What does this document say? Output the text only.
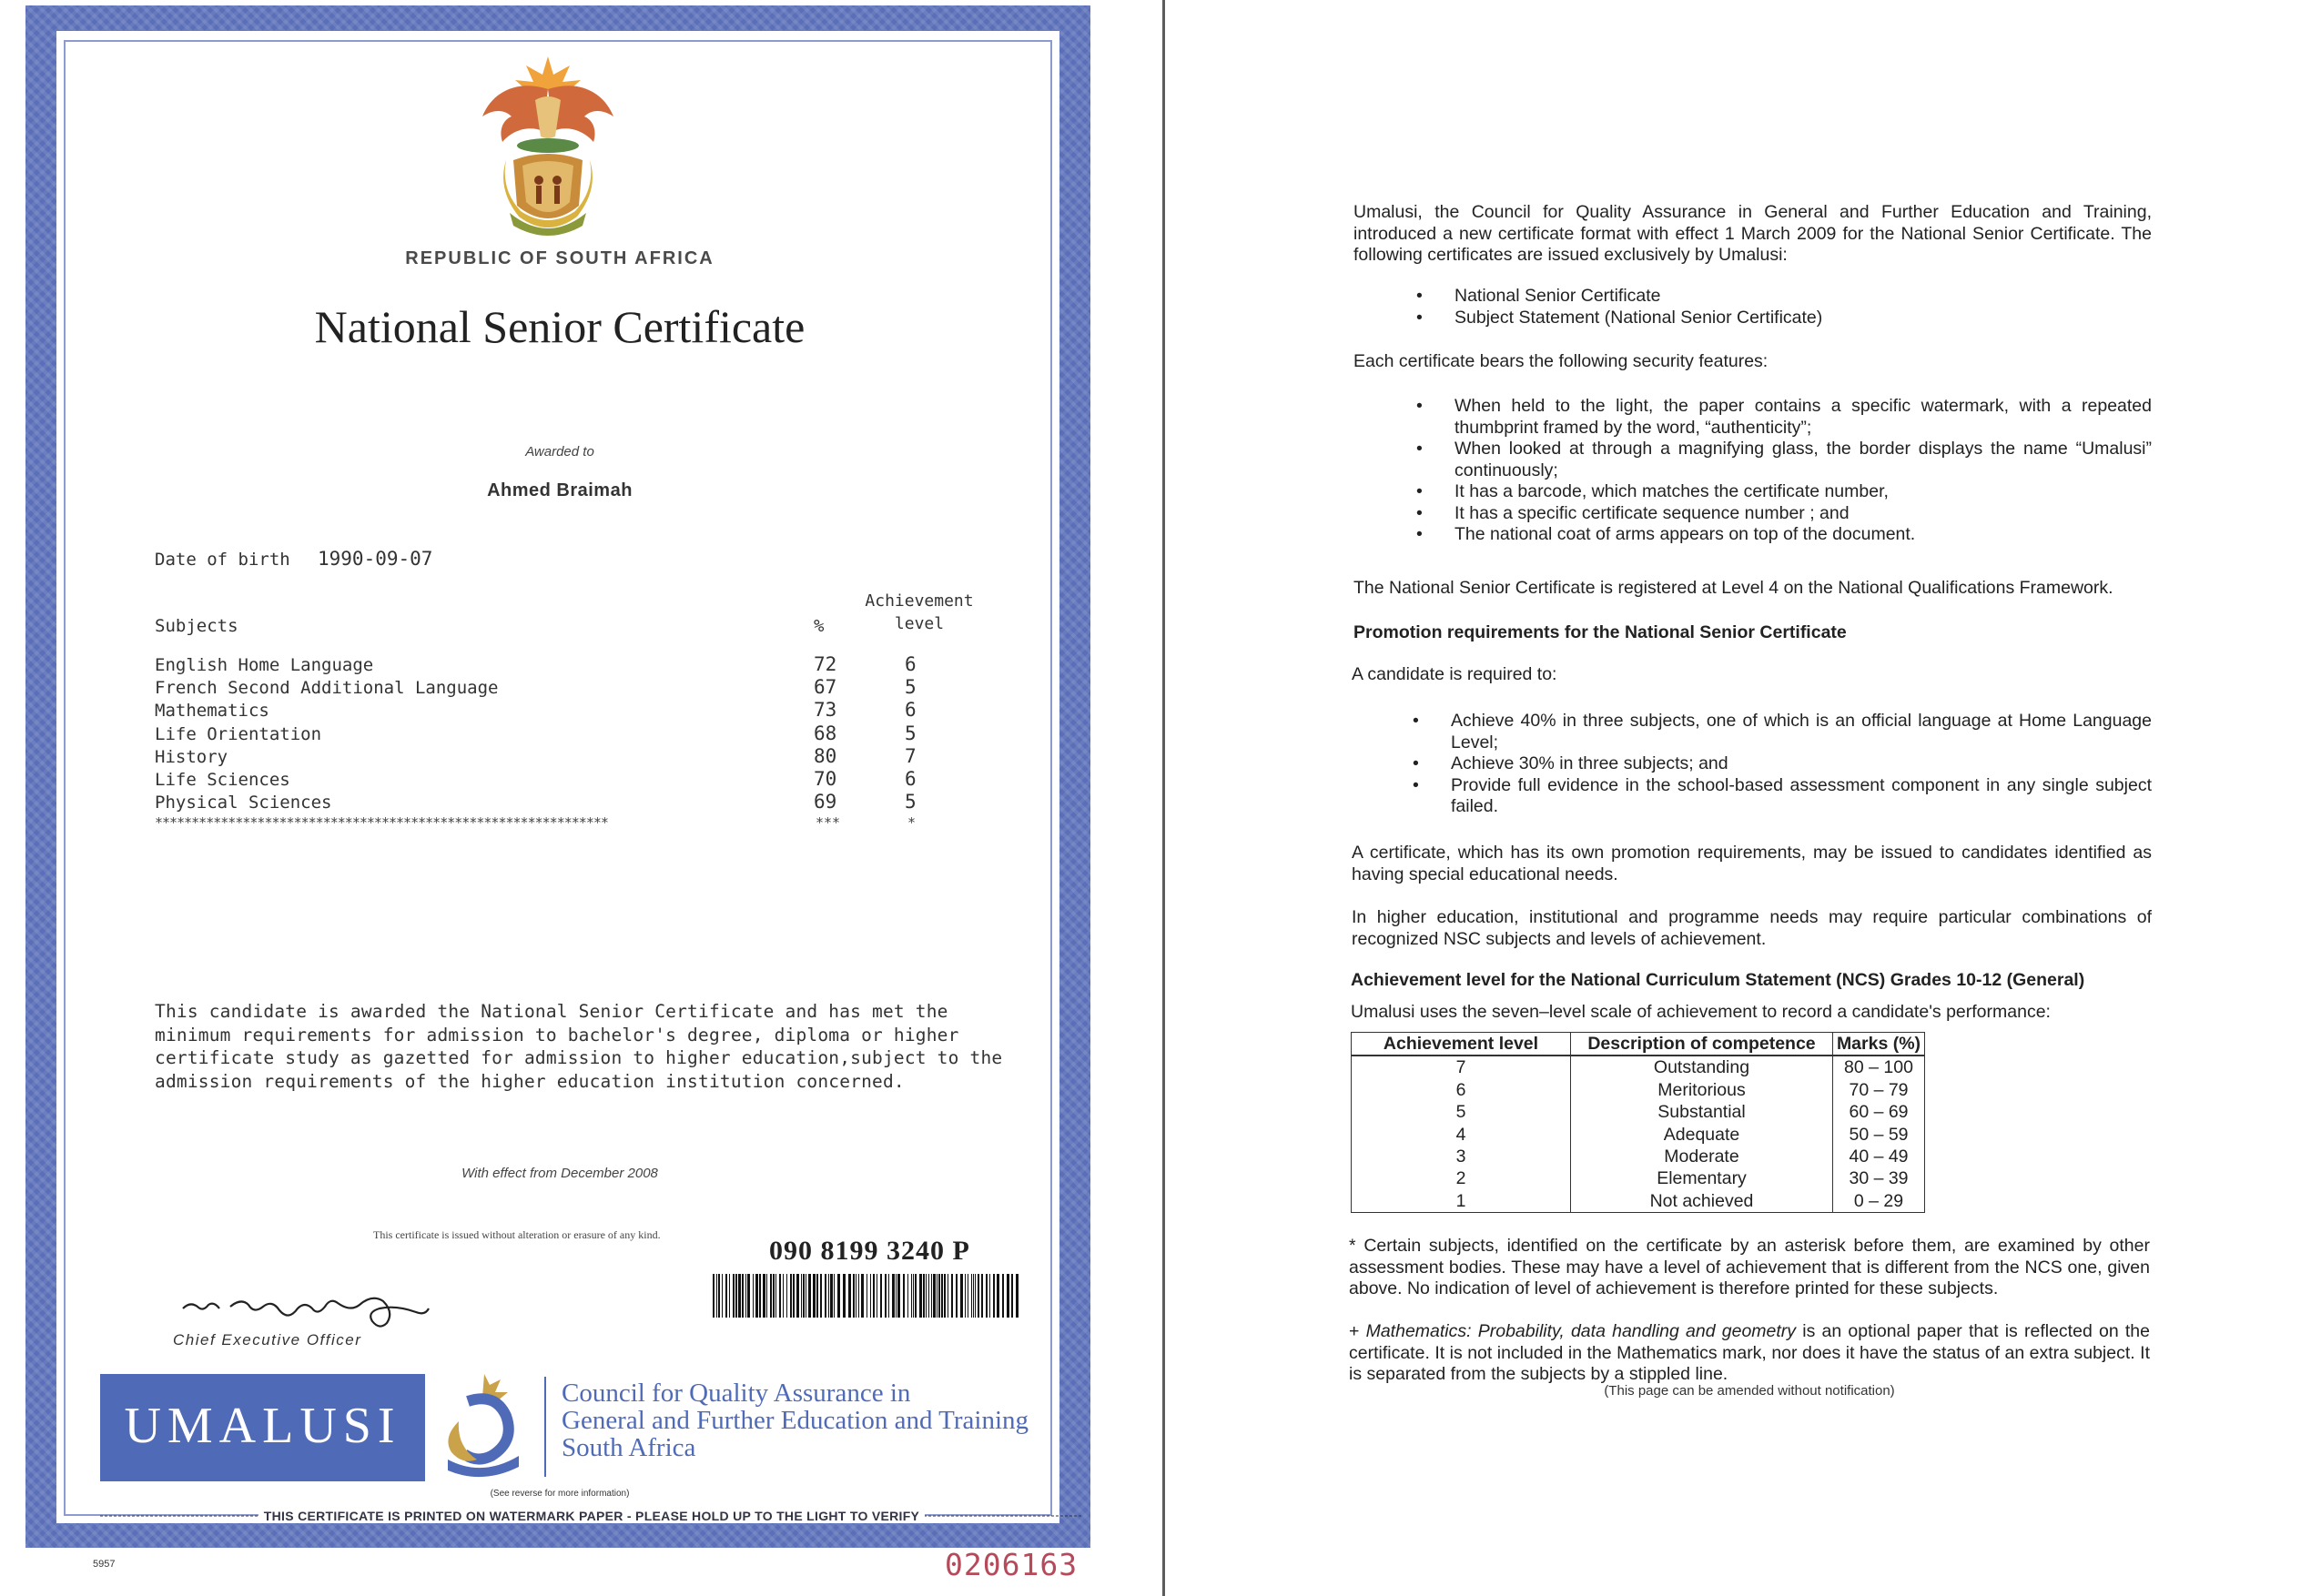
REPUBLIC OF SOUTH AFRICA
National Senior Certificate
Awarded to
Ahmed Braimah
Date of birth 1990-09-07
Subjects	%
Achievement level
English Home Language	72	6
French Second Additional Language	67	5
Mathematics	73	6
Life Orientation	68	5
History	80	7
Life Sciences	70	6
Physical Sciences	69	5
**************************************************************	***	*
This candidate is awarded the National Senior Certificate and has met the minimum requirements for admission to bachelor's degree, diploma or higher certificate study as gazetted for admission to higher education,subject to the admission requirements of the higher education institution concerned.
With effect from December 2008
This certificate is issued without alteration or erasure of any kind.
090 8199 3240 P
Chief Executive Officer
UMALUSI
Council for Quality Assurance in
General and Further Education and Training
South Africa
(See reverse for more information)
THIS CERTIFICATE IS PRINTED ON WATERMARK PAPER - PLEASE HOLD UP TO THE LIGHT TO VERIFY
5957	0206163
Umalusi, the Council for Quality Assurance in General and Further Education and Training, introduced a new certificate format with effect 1 March 2009 for the National Senior Certificate. The following certificates are issued exclusively by Umalusi:
• National Senior Certificate
• Subject Statement (National Senior Certificate)
Each certificate bears the following security features:
• When held to the light, the paper contains a specific watermark, with a repeated thumbprint framed by the word, “authenticity”;
• When looked at through a magnifying glass, the border displays the name “Umalusi” continuously;
• It has a barcode, which matches the certificate number,
• It has a specific certificate sequence number ; and
• The national coat of arms appears on top of the document.
The National Senior Certificate is registered at Level 4 on the National Qualifications Framework.
Promotion requirements for the National Senior Certificate
A candidate is required to:
• Achieve 40% in three subjects, one of which is an official language at Home Language Level;
• Achieve 30% in three subjects; and
• Provide full evidence in the school-based assessment component in any single subject failed.
A certificate, which has its own promotion requirements, may be issued to candidates identified as having special educational needs.
In higher education, institutional and programme needs may require particular combinations of recognized NSC subjects and levels of achievement.
Achievement level for the National Curriculum Statement (NCS) Grades 10-12 (General)
Umalusi uses the seven–level scale of achievement to record a candidate's performance:
Achievement level	Description of competence	Marks (%)
7	Outstanding	80 – 100
6	Meritorious	70 – 79
5	Substantial	60 – 69
4	Adequate	50 – 59
3	Moderate	40 – 49
2	Elementary	30 – 39
1	Not achieved	0 – 29
* Certain subjects, identified on the certificate by an asterisk before them, are examined by other assessment bodies. These may have a level of achievement that is different from the NCS one, given above. No indication of level of achievement is therefore printed for these subjects.
+ Mathematics: Probability, data handling and geometry is an optional paper that is reflected on the certificate. It is not included in the Mathematics mark, nor does it have the status of an extra subject. It is separated from the subjects by a stippled line.
(This page can be amended without notification)
